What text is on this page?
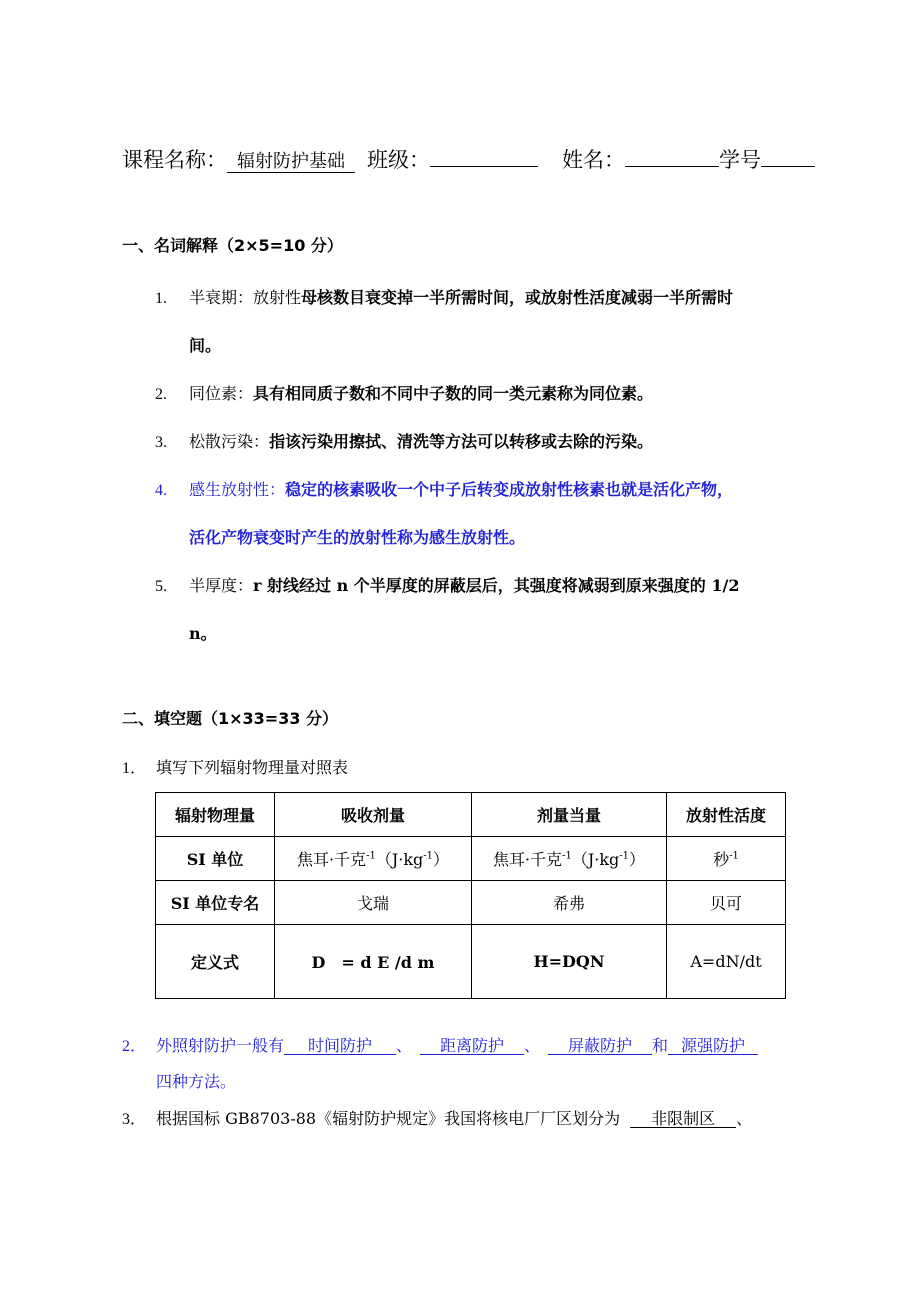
课程名称： 辐射防护基础 班级：	姓名：	学号
一、名词解释（2×5=10 分）
1. 半衰期：放射性母核数目衰变掉一半所需时间，或放射性活度减弱一半所需时
间。
2. 同位素：具有相同质子数和不同中子数的同一类元素称为同位素。
3. 松散污染：指该污染用擦拭、清洗等方法可以转移或去除的污染。
4. 感生放射性：稳定的核素吸收一个中子后转变成放射性核素也就是活化产物，
活化产物衰变时产生的放射性称为感生放射性。
5. 半厚度：r 射线经过 n 个半厚度的屏蔽层后，其强度将减弱到原来强度的 1/2
n。
二、填空题（1×33=33 分）
1． 填写下列辐射物理量对照表
辐射物理量	吸收剂量	剂量当量	放射性活度
SI 单位	焦耳·千克$^{-1}(J\cdot kg^{-1})$	焦耳·千克$^{-1}(J\cdot kg^{-1})$	秒$^{-1}$
SI 单位专名	戈瑞	希弗	贝可
定义式	D　= d E /d m	H=DQN	A=dN/dt
2． 外照射防护一般有 时间防护 、 距离防护 、 屏蔽防护 和 源强防护
四种方法。
3． 根据国标 GB8703-88《辐射防护规定》我国将核电厂厂区划分为 非限制区 、
